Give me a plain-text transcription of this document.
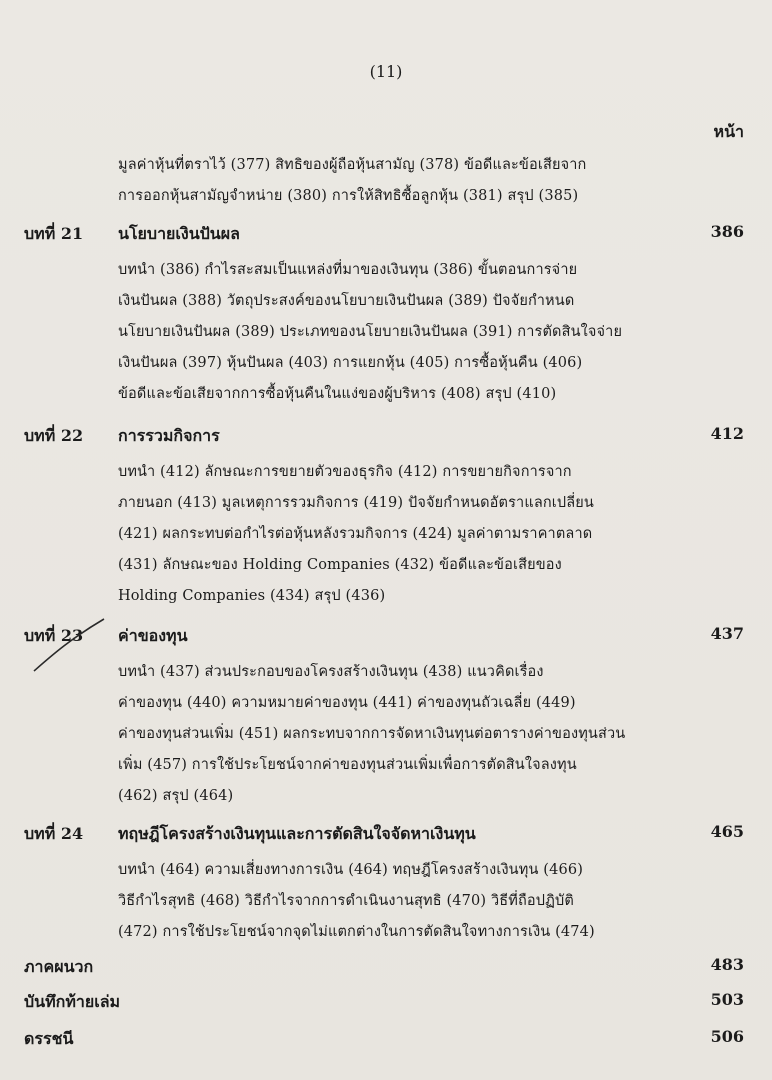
(11)
หน้า
มูลค่าหุ้นที่ตราไว้ (377) สิทธิของผู้ถือหุ้นสามัญ (378) ข้อดีและข้อเสียจาก
การออกหุ้นสามัญจำหน่าย (380) การให้สิทธิซื้อลูกหุ้น (381) สรุป (385)
บทที่ 21 นโยบายเงินปันผล	386
บทนำ (386) กำไรสะสมเป็นแหล่งที่มาของเงินทุน (386) ขั้นตอนการจ่าย
เงินปันผล (388) วัตถุประสงค์ของนโยบายเงินปันผล (389) ปัจจัยกำหนด
นโยบายเงินปันผล (389) ประเภทของนโยบายเงินปันผล (391) การตัดสินใจจ่าย
เงินปันผล (397) หุ้นปันผล (403) การแยกหุ้น (405) การซื้อหุ้นคืน (406)
ข้อดีและข้อเสียจากการซื้อหุ้นคืนในแง่ของผู้บริหาร (408) สรุป (410)
บทที่ 22 การรวมกิจการ	412
บทนำ (412) ลักษณะการขยายตัวของธุรกิจ (412) การขยายกิจการจาก
ภายนอก (413) มูลเหตุการรวมกิจการ (419) ปัจจัยกำหนดอัตราแลกเปลี่ยน
(421) ผลกระทบต่อกำไรต่อหุ้นหลังรวมกิจการ (424) มูลค่าตามราคาตลาด
(431) ลักษณะของ Holding Companies (432) ข้อดีและข้อเสียของ
Holding Companies (434) สรุป (436)
บทที่ 23 ค่าของทุน	437
บทนำ (437) ส่วนประกอบของโครงสร้างเงินทุน (438) แนวคิดเรื่อง
ค่าของทุน (440) ความหมายค่าของทุน (441) ค่าของทุนถัวเฉลี่ย (449)
ค่าของทุนส่วนเพิ่ม (451) ผลกระทบจากการจัดหาเงินทุนต่อตารางค่าของทุนส่วน
เพิ่ม (457) การใช้ประโยชน์จากค่าของทุนส่วนเพิ่มเพื่อการตัดสินใจลงทุน
(462) สรุป (464)
บทที่ 24 ทฤษฎีโครงสร้างเงินทุนและการตัดสินใจจัดหาเงินทุน	465
บทนำ (464) ความเสี่ยงทางการเงิน (464) ทฤษฎีโครงสร้างเงินทุน (466)
วิธีกำไรสุทธิ (468) วิธีกำไรจากการดำเนินงานสุทธิ (470) วิธีที่ถือปฏิบัติ
(472) การใช้ประโยชน์จากจุดไม่แตกต่างในการตัดสินใจทางการเงิน (474)
ภาคผนวก	483
บันทึกท้ายเล่ม	503
ดรรชนี	506
